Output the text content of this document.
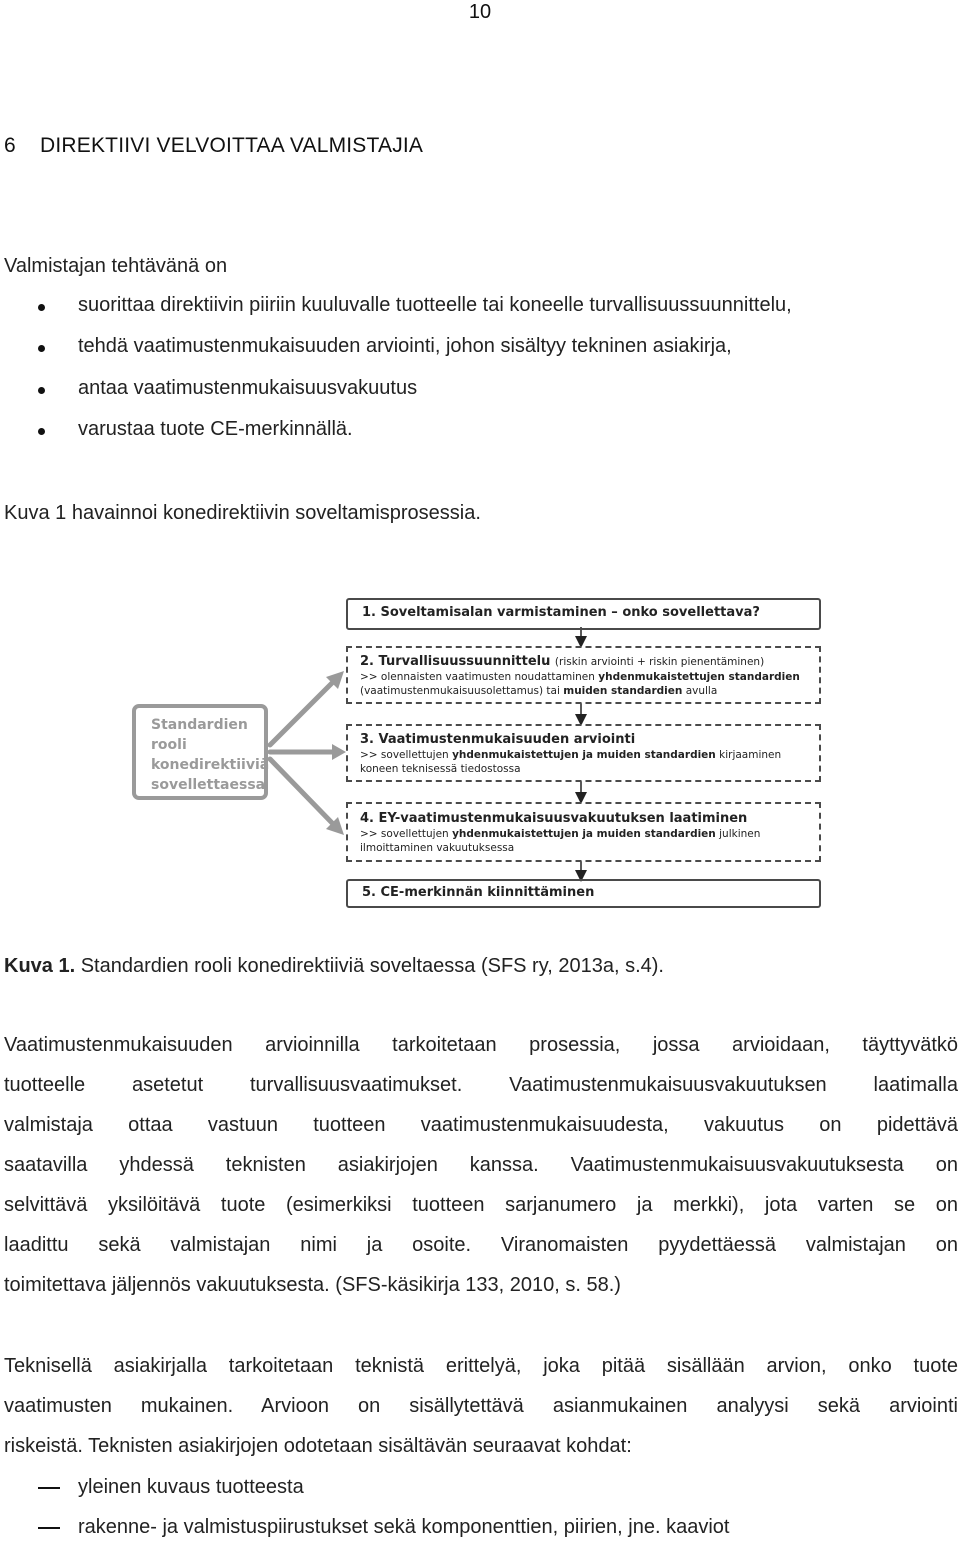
10
6 DIREKTIIVI VELVOITTAA VALMISTAJIA

Valmistajan tehtävänä on

suorittaa direktiivin piiriin kuuluvalle tuotteelle tai koneelle turvallisuussuunnittelu,
tehdä vaatimustenmukaisuuden arviointi, johon sisältyy tekninen asiakirja,
antaa vaatimustenmukaisuusvakuutus
varustaa tuote CE-merkinnällä.

Kuva 1 havainnoi konedirektiivin soveltamisprosessia.

Standardien
rooli
konedirektiiviä
sovellettaessa
1. Soveltamisalan varmistaminen – onko sovellettava?
2. Turvallisuussuunnittelu (riskin arviointi + riskin pienentäminen)
>> olennaisten vaatimusten noudattaminen yhdenmukaistettujen standardien
(vaatimustenmukaisuusolettamus) tai muiden standardien avulla
3. Vaatimustenmukaisuuden arviointi
>> sovellettujen yhdenmukaistettujen ja muiden standardien kirjaaminen
koneen teknisessä tiedostossa
4. EY-vaatimustenmukaisuusvakuutuksen laatiminen
>> sovellettujen yhdenmukaistettujen ja muiden standardien julkinen
ilmoittaminen vakuutuksessa
5. CE-merkinnän kiinnittäminen

Kuva 1. Standardien rooli konedirektiiviä soveltaessa (SFS ry, 2013a, s.4).

Vaatimustenmukaisuuden arvioinnilla tarkoitetaan prosessia, jossa arvioidaan, täyttyvätkö
tuotteelle asetetut turvallisuusvaatimukset. Vaatimustenmukaisuusvakuutuksen laatimalla
valmistaja ottaa vastuun tuotteen vaatimustenmukaisuudesta, vakuutus on pidettävä
saatavilla yhdessä teknisten asiakirjojen kanssa. Vaatimustenmukaisuusvakuutuksesta on
selvittävä yksilöitävä tuote (esimerkiksi tuotteen sarjanumero ja merkki), jota varten se on
laadittu sekä valmistajan nimi ja osoite. Viranomaisten pyydettäessä valmistajan on
toimitettava jäljennös vakuutuksesta. (SFS-käsikirja 133, 2010, s. 58.)
Teknisellä asiakirjalla tarkoitetaan teknistä erittelyä, joka pitää sisällään arvion, onko tuote
vaatimusten mukainen. Arvioon on sisällytettävä asianmukainen analyysi sekä arviointi
riskeistä. Teknisten asiakirjojen odotetaan sisältävän seuraavat kohdat:
yleinen kuvaus tuotteesta
rakenne- ja valmistuspiirustukset sekä komponenttien, piirien, jne. kaaviot
